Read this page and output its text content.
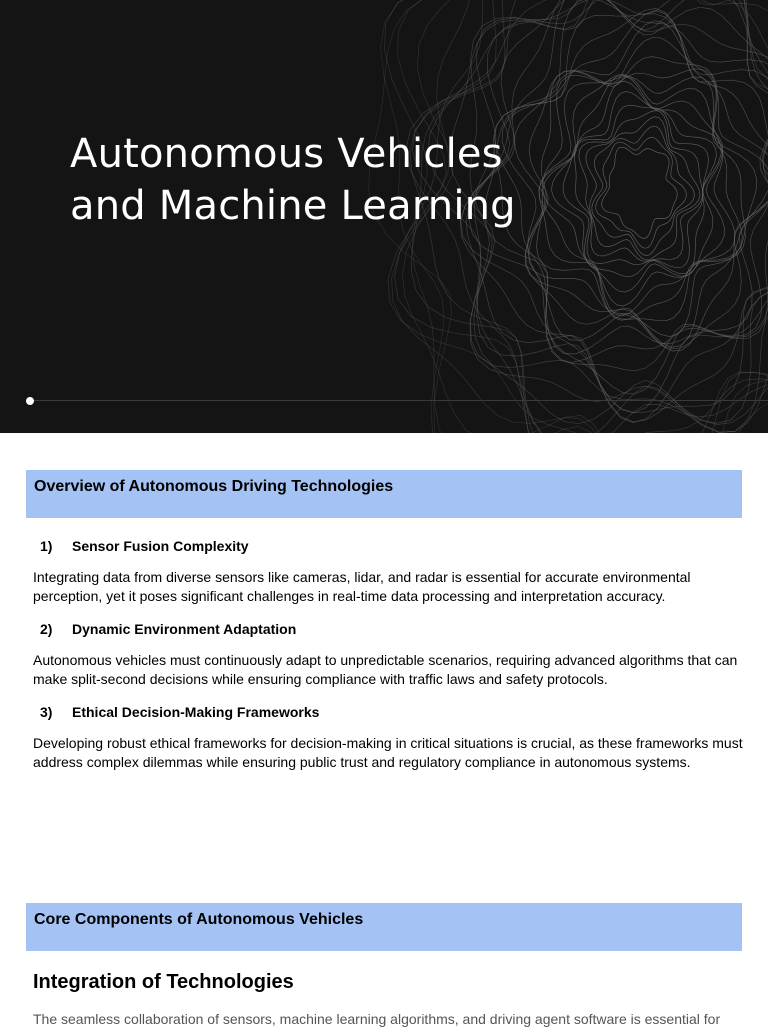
Autonomous Vehicles
and Machine Learning

Overview of Autonomous Driving Technologies

1) Sensor Fusion Complexity

Integrating data from diverse sensors like cameras, lidar, and radar is essential for accurate environmental perception, yet it poses significant challenges in real-time data processing and interpretation accuracy.

2) Dynamic Environment Adaptation

Autonomous vehicles must continuously adapt to unpredictable scenarios, requiring advanced algorithms that can make split-second decisions while ensuring compliance with traffic laws and safety protocols.

3) Ethical Decision-Making Frameworks

Developing robust ethical frameworks for decision-making in critical situations is crucial, as these frameworks must address complex dilemmas while ensuring public trust and regulatory compliance in autonomous systems.

Core Components of Autonomous Vehicles

Integration of Technologies

The seamless collaboration of sensors, machine learning algorithms, and driving agent software is essential for
